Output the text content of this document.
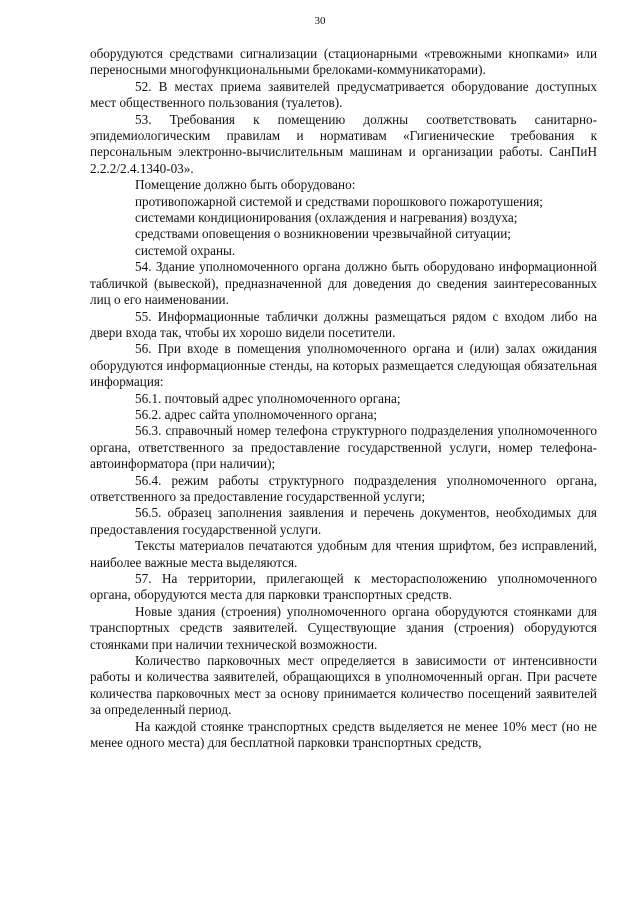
30

оборудуются средствами сигнализации (стационарными «тревожными кнопками» или переносными многофункциональными брелоками-коммуникаторами).

52. В местах приема заявителей предусматривается оборудование доступных мест общественного пользования (туалетов).

53. Требования к помещению должны соответствовать санитарно-эпидемиологическим правилам и нормативам «Гигиенические требования к персональным электронно-вычислительным машинам и организации работы. СанПиН 2.2.2/2.4.1340-03».

Помещение должно быть оборудовано:

противопожарной системой и средствами порошкового пожаротушения;

системами кондиционирования (охлаждения и нагревания) воздуха;

средствами оповещения о возникновении чрезвычайной ситуации;

системой охраны.

54. Здание уполномоченного органа должно быть оборудовано информационной табличкой (вывеской), предназначенной для доведения до сведения заинтересованных лиц о его наименовании.

55. Информационные таблички должны размещаться рядом с входом либо на двери входа так, чтобы их хорошо видели посетители.

56. При входе в помещения уполномоченного органа и (или) залах ожидания оборудуются информационные стенды, на которых размещается следующая обязательная информация:

56.1. почтовый адрес уполномоченного органа;

56.2. адрес сайта уполномоченного органа;

56.3. справочный номер телефона структурного подразделения уполномоченного органа, ответственного за предоставление государственной услуги, номер телефона-автоинформатора (при наличии);

56.4. режим работы структурного подразделения уполномоченного органа, ответственного за предоставление государственной услуги;

56.5. образец заполнения заявления и перечень документов, необходимых для предоставления государственной услуги.

Тексты материалов печатаются удобным для чтения шрифтом, без исправлений, наиболее важные места выделяются.

57. На территории, прилегающей к месторасположению уполномоченного органа, оборудуются места для парковки транспортных средств.

Новые здания (строения) уполномоченного органа оборудуются стоянками для транспортных средств заявителей. Существующие здания (строения) оборудуются стоянками при наличии технической возможности.

Количество парковочных мест определяется в зависимости от интенсивности работы и количества заявителей, обращающихся в уполномоченный орган. При расчете количества парковочных мест за основу принимается количество посещений заявителей за определенный период.

На каждой стоянке транспортных средств выделяется не менее 10% мест (но не менее одного места) для бесплатной парковки транспортных средств,
